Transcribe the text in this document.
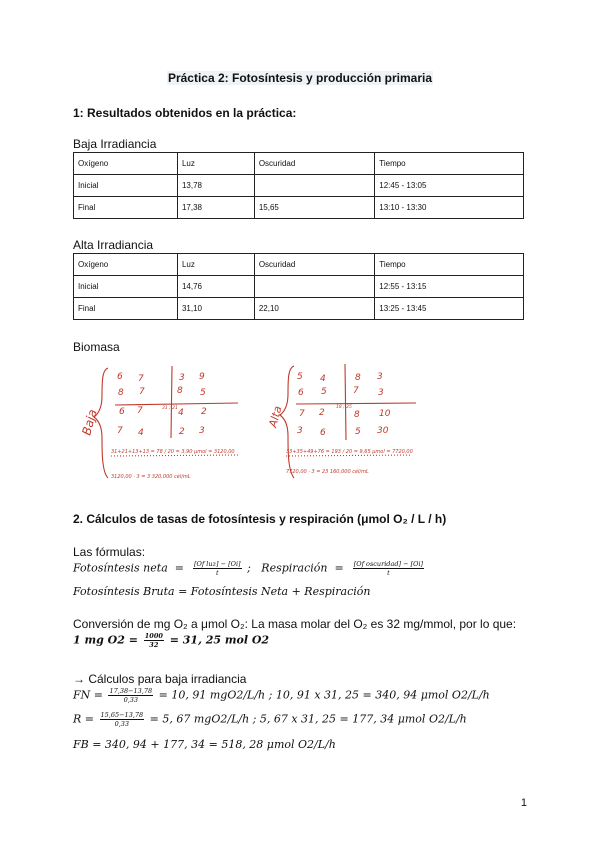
Práctica 2: Fotosíntesis y producción primaria
1: Resultados obtenidos en la práctica:
Baja Irradiancia
Oxígeno	Luz	Oscuridad	Tiempo
Inicial	13,78		12:45 - 13:05
Final	17,38	15,65	13:10 - 13:30
Alta Irradiancia
Oxígeno	Luz	Oscuridad	Tiempo
Inicial	14,76		12:55 - 13:15
Final	31,10	22,10	13:25 - 13:45
Biomasa
Baja
6 7	3 9
8 7	8 5
6 7	4 2
7 4	2 3
31 ; 21
31+21+13+13 = 78 / 20 = 3,90 μmol = 3120,00
3120,00 · 3 = 3 320,000 cél/mL
Alta
5 4	8 3
6 5	7 3
7 2	8 10
3 6	5 30
18 ; 25
33+35+49+76 = 193 / 20 = 9,65 μmol = 7720,00
7720,00 · 3 = 23 160,000 cél/mL
2. Cálculos de tasas de fotosíntesis y respiración (μmol O₂ / L / h)
Las fórmulas:
Fotosíntesis neta  = $\frac{\text{[Of luz] − [Oi]}}{t}$ ;   Respiración  = $\frac{\text{[Of oscuridad] − [Oi]}}{t}$
Fotosíntesis Bruta = Fotosíntesis Neta + Respiración
Conversión de mg O₂ a μmol O₂: La masa molar del O₂ es 32 mg/mmol, por lo que:
1 mg $O2 = \frac{1000}{32} = 31$, 25 mol O2
→ Cálculos para baja irradiancia
FN = $\frac{17,38-13,78}{0,33} = 10$, 91 mgO2/L/h ; 10, 91 x 31, 25 = 340, 94 μmol O2/L/h
$R = \frac{15,65-13,78}{0,33} = 5$, 67 mgO2/L/h ; 5, 67 x 31, 25 = 177, 34 μmol O2/L/h
FB = 340, 94 + 177, 34 = 518, 28 μmol O2/L/h
1
